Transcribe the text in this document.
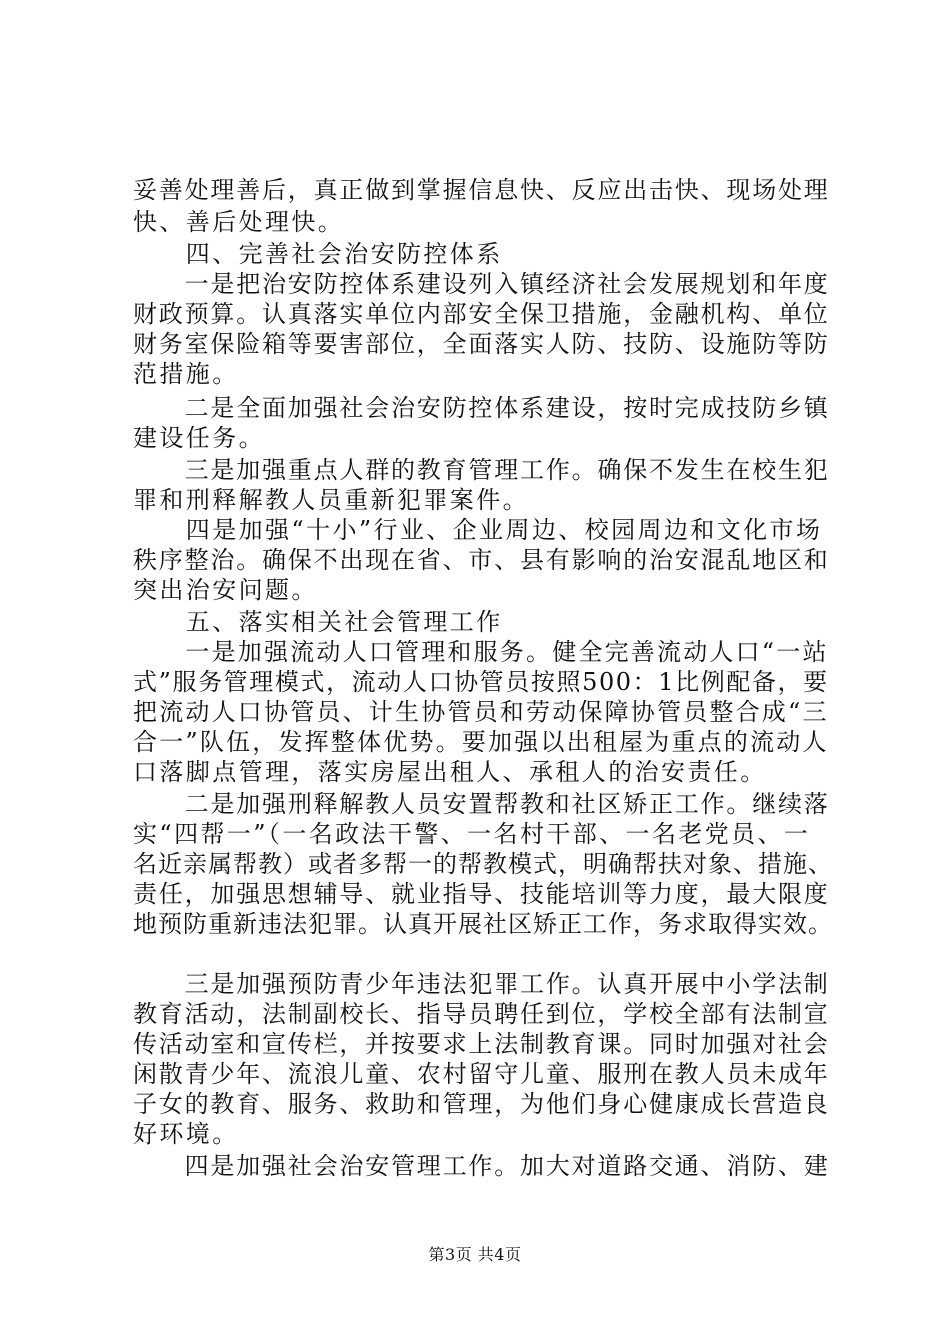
妥善处理善后，真正做到掌握信息快、反应出击快、现场处理
快、善后处理快。
　　四、完善社会治安防控体系
　　一是把治安防控体系建设列入镇经济社会发展规划和年度
财政预算。认真落实单位内部安全保卫措施，金融机构、单位
财务室保险箱等要害部位，全面落实人防、技防、设施防等防
范措施。
　　二是全面加强社会治安防控体系建设，按时完成技防乡镇
建设任务。
　　三是加强重点人群的教育管理工作。确保不发生在校生犯
罪和刑释解教人员重新犯罪案件。
　　四是加强“十小”行业、企业周边、校园周边和文化市场
秩序整治。确保不出现在省、市、县有影响的治安混乱地区和
突出治安问题。
　　五、落实相关社会管理工作
　　一是加强流动人口管理和服务。健全完善流动人口“一站
式”服务管理模式，流动人口协管员按照500：1比例配备，要
把流动人口协管员、计生协管员和劳动保障协管员整合成“三
合一”队伍，发挥整体优势。要加强以出租屋为重点的流动人
口落脚点管理，落实房屋出租人、承租人的治安责任。
　　二是加强刑释解教人员安置帮教和社区矫正工作。继续落
实“四帮一”（一名政法干警、一名村干部、一名老党员、一
名近亲属帮教）或者多帮一的帮教模式，明确帮扶对象、措施、
责任，加强思想辅导、就业指导、技能培训等力度，最大限度
地预防重新违法犯罪。认真开展社区矫正工作，务求取得实效。
　　三是加强预防青少年违法犯罪工作。认真开展中小学法制
教育活动，法制副校长、指导员聘任到位，学校全部有法制宣
传活动室和宣传栏，并按要求上法制教育课。同时加强对社会
闲散青少年、流浪儿童、农村留守儿童、服刑在教人员未成年
子女的教育、服务、救助和管理，为他们身心健康成长营造良
好环境。
　　四是加强社会治安管理工作。加大对道路交通、消防、建
第3页 共4页
